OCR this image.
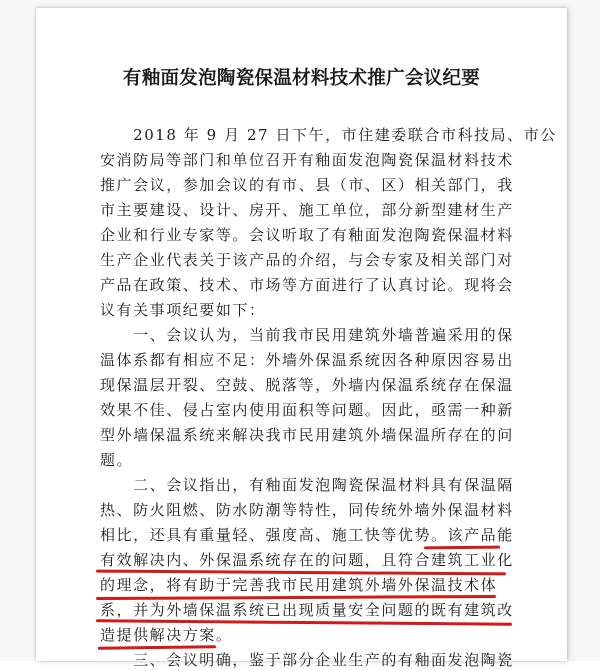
有釉面发泡陶瓷保温材料技术推广会议纪要
　　2018 年 9 月 27 日下午，市住建委联合市科技局、市公
安消防局等部门和单位召开有釉面发泡陶瓷保温材料技术
推广会议，参加会议的有市、县（市、区）相关部门，我
市主要建设、设计、房开、施工单位，部分新型建材生产
企业和行业专家等。会议听取了有釉面发泡陶瓷保温材料
生产企业代表关于该产品的介绍，与会专家及相关部门对
产品在政策、技术、市场等方面进行了认真讨论。现将会
议有关事项纪要如下：
　　一、会议认为，当前我市民用建筑外墙普遍采用的保
温体系都有相应不足：外墙外保温系统因各种原因容易出
现保温层开裂、空鼓、脱落等，外墙内保温系统存在保温
效果不佳、侵占室内使用面积等问题。因此，亟需一种新
型外墙保温系统来解决我市民用建筑外墙保温所存在的问
题。
　　二、会议指出，有釉面发泡陶瓷保温材料具有保温隔
热、防火阻燃、防水防潮等特性，同传统外墙外保温材料
相比，还具有重量轻、强度高、施工快等优势。该产品能
有效解决内、外保温系统存在的问题，且符合建筑工业化
的理念，将有助于完善我市民用建筑外墙外保温技术体
系，并为外墙保温系统已出现质量安全问题的既有建筑改
造提供解决方案。
　　三、会议明确，鉴于部分企业生产的有釉面发泡陶瓷
